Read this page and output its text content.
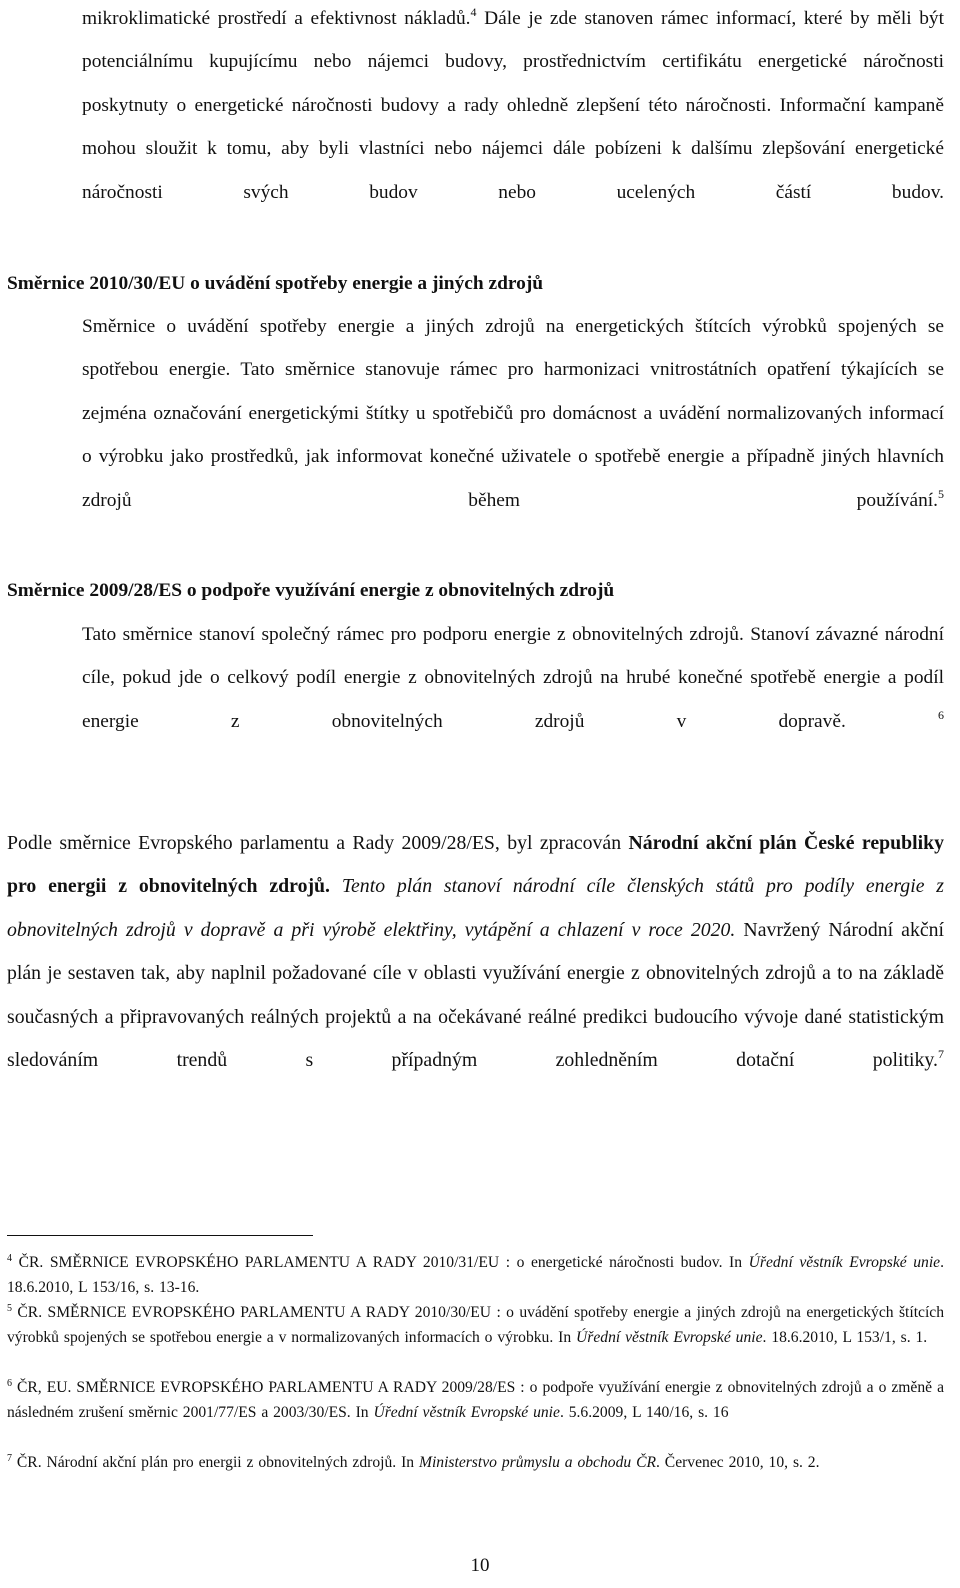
mikroklimatické prostředí a efektivnost nákladů.$^4$ Dále je zde stanoven rámec informací, které by měli být potenciálnímu kupujícímu nebo nájemci budovy, prostřednictvím certifikátu energetické náročnosti poskytnuty o energetické náročnosti budovy a rady ohledně zlepšení této náročnosti. Informační kampaně mohou sloužit k tomu, aby byli vlastníci nebo nájemci dále pobízeni k dalšímu zlepšování energetické náročnosti svých budov nebo ucelených částí budov.
Směrnice 2010/30/EU o uvádění spotřeby energie a jiných zdrojů
Směrnice o uvádění spotřeby energie a jiných zdrojů na energetických štítcích výrobků spojených se spotřebou energie. Tato směrnice stanovuje rámec pro harmonizaci vnitrostátních opatření týkajících se zejména označování energetickými štítky u spotřebičů pro domácnost a uvádění normalizovaných informací o výrobku jako prostředků, jak informovat konečné uživatele o spotřebě energie a případně jiných hlavních zdrojů během používání.$^5$
Směrnice 2009/28/ES o podpoře využívání energie z obnovitelných zdrojů
Tato směrnice stanoví společný rámec pro podporu energie z obnovitelných zdrojů. Stanoví závazné národní cíle, pokud jde o celkový podíl energie z obnovitelných zdrojů na hrubé konečné spotřebě energie a podíl energie z obnovitelných zdrojů v dopravě. $^6$
Podle směrnice Evropského parlamentu a Rady 2009/28/ES, byl zpracován Národní akční plán České republiky pro energii z obnovitelných zdrojů. Tento plán stanoví národní cíle členských států pro podíly energie z obnovitelných zdrojů v dopravě a při výrobě elektřiny, vytápění a chlazení v roce 2020. Navržený Národní akční plán je sestaven tak, aby naplnil požadované cíle v oblasti využívání energie z obnovitelných zdrojů a to na základě současných a připravovaných reálných projektů a na očekávané reálné predikci budoucího vývoje dané statistickým sledováním trendů s případným zohledněním dotační politiky.$^7$
$^4$ ČR. SMĚRNICE EVROPSKÉHO PARLAMENTU A RADY 2010/31/EU : o energetické náročnosti budov. In Úřední věstník Evropské unie. 18.6.2010, L 153/16, s. 13-16.
$^5$ ČR. SMĚRNICE EVROPSKÉHO PARLAMENTU A RADY 2010/30/EU : o uvádění spotřeby energie a jiných zdrojů na energetických štítcích výrobků spojených se spotřebou energie a v normalizovaných informacích o výrobku. In Úřední věstník Evropské unie. 18.6.2010, L 153/1, s. 1.
$^6$ ČR, EU. SMĚRNICE EVROPSKÉHO PARLAMENTU A RADY 2009/28/ES : o podpoře využívání energie z obnovitelných zdrojů a o změně a následném zrušení směrnic 2001/77/ES a 2003/30/ES. In Úřední věstník Evropské unie. 5.6.2009, L 140/16, s. 16
$^7$ ČR. Národní akční plán pro energii z obnovitelných zdrojů. In Ministerstvo průmyslu a obchodu ČR. Červenec 2010, 10, s. 2.
10
